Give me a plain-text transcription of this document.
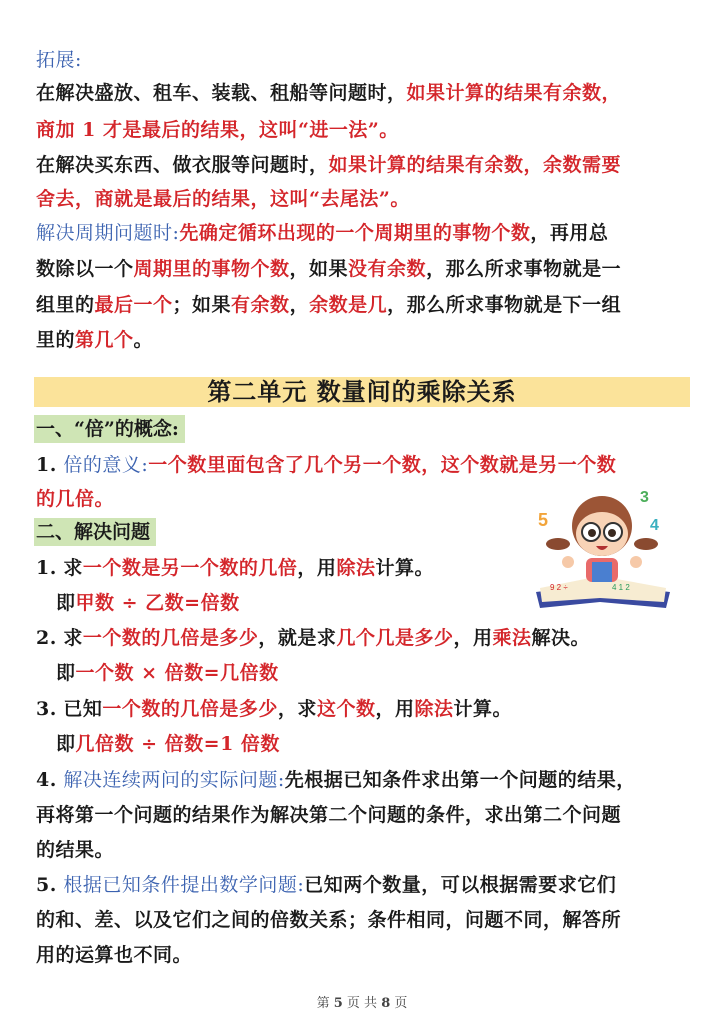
拓展:
在解决盛放、租车、装载、租船等问题时，如果计算的结果有余数，
商加 1 才是最后的结果，这叫“进一法”。
在解决买东西、做衣服等问题时，如果计算的结果有余数，余数需要
舍去，商就是最后的结果，这叫“去尾法”。
解决周期问题时:先确定循环出现的一个周期里的事物个数，再用总
数除以一个周期里的事物个数，如果没有余数，那么所求事物就是一
组里的最后一个；如果有余数，余数是几，那么所求事物就是下一组
里的第几个。
第二单元 数量间的乘除关系
一、“倍”的概念:
1. 倍的意义:一个数里面包含了几个另一个数，这个数就是另一个数
的几倍。
二、解决问题
1. 求一个数是另一个数的几倍，用除法计算。
即甲数 ÷ 乙数=倍数
2. 求一个数的几倍是多少，就是求几个几是多少，用乘法解决。
即一个数 × 倍数=几倍数
3. 已知一个数的几倍是多少，求这个数，用除法计算。
即几倍数 ÷ 倍数=1 倍数
4. 解决连续两问的实际问题:先根据已知条件求出第一个问题的结果，
再将第一个问题的结果作为解决第二个问题的条件，求出第二个问题
的结果。
5. 根据已知条件提出数学问题:已知两个数量，可以根据需要求它们
的和、差、以及它们之间的倍数关系；条件相同，问题不同，解答所
用的运算也不同。
9 2 ÷	4 1 2
5
3
4
第 5 页 共 8 页
